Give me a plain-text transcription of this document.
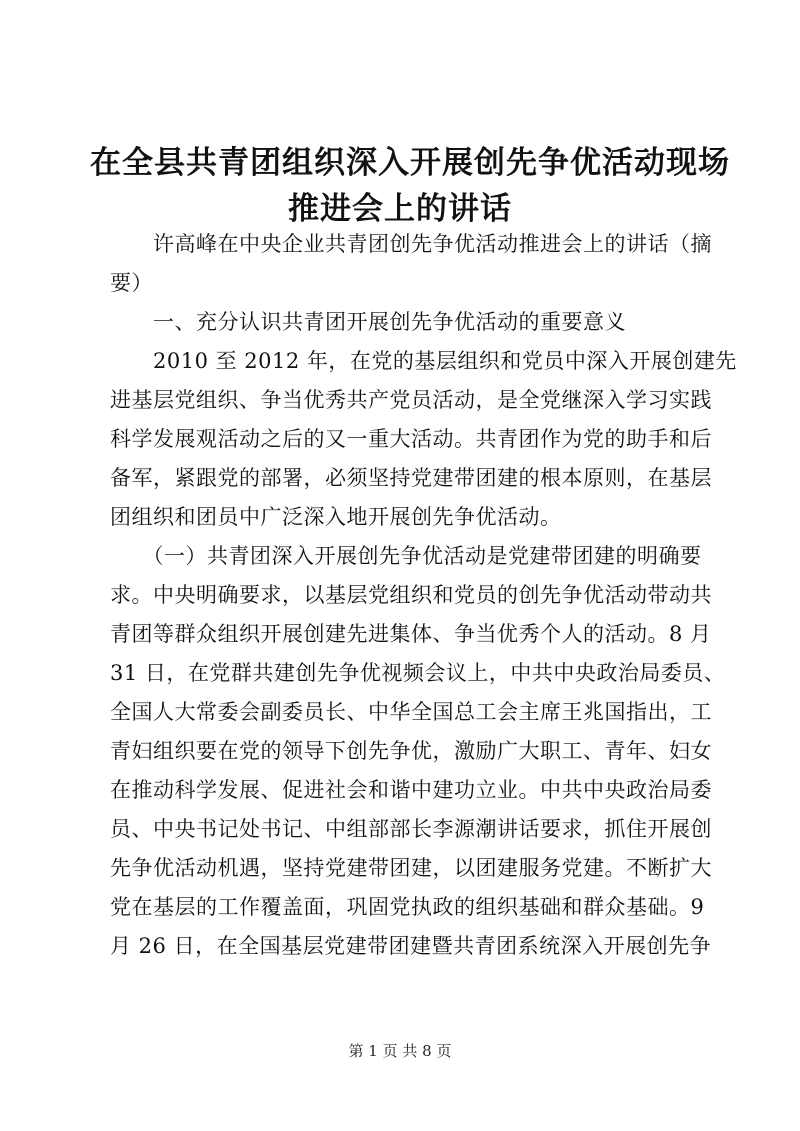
在全县共青团组织深入开展创先争优活动现场
推进会上的讲话

　　许高峰在中央企业共青团创先争优活动推进会上的讲话（摘

要）

　　一、充分认识共青团开展创先争优活动的重要意义

　　2010 至 2012 年，在党的基层组织和党员中深入开展创建先

进基层党组织、争当优秀共产党员活动，是全党继深入学习实践

科学发展观活动之后的又一重大活动。共青团作为党的助手和后

备军，紧跟党的部署，必须坚持党建带团建的根本原则，在基层

团组织和团员中广泛深入地开展创先争优活动。

　　（一）共青团深入开展创先争优活动是党建带团建的明确要

求。中央明确要求，以基层党组织和党员的创先争优活动带动共

青团等群众组织开展创建先进集体、争当优秀个人的活动。8 月

31 日，在党群共建创先争优视频会议上，中共中央政治局委员、

全国人大常委会副委员长、中华全国总工会主席王兆国指出，工

青妇组织要在党的领导下创先争优，激励广大职工、青年、妇女

在推动科学发展、促进社会和谐中建功立业。中共中央政治局委

员、中央书记处书记、中组部部长李源潮讲话要求，抓住开展创

先争优活动机遇，坚持党建带团建，以团建服务党建。不断扩大

党在基层的工作覆盖面，巩固党执政的组织基础和群众基础。9

月 26 日，在全国基层党建带团建暨共青团系统深入开展创先争

第 1 页 共 8 页
